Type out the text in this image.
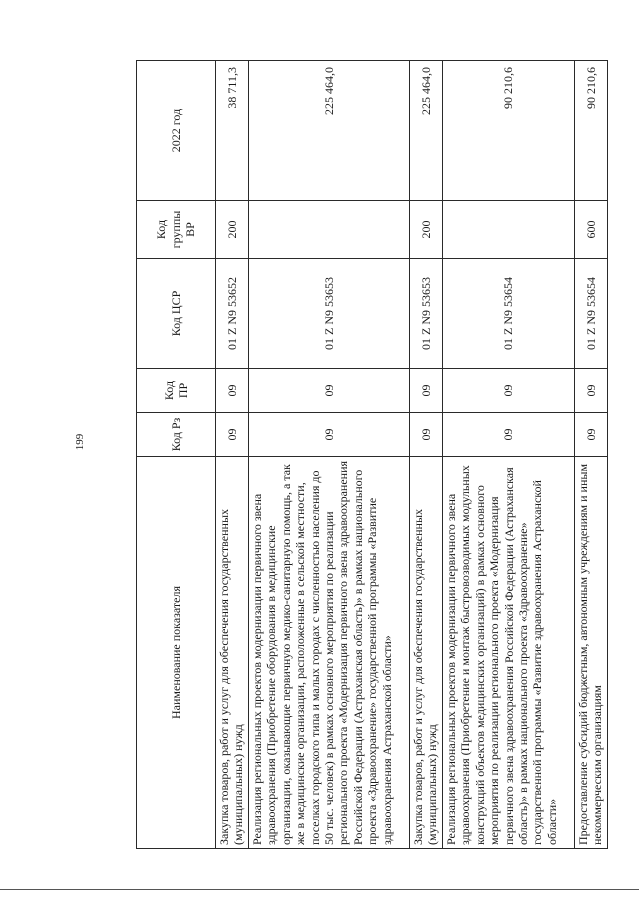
199
Наименование показателя	Код Рз	Код ПР	Код ЦСР	Код группы ВР	2022 год
Закупка товаров, работ и услуг для обеспечения государственных (муниципальных) нужд	09	09	01 Z N9 53652	200	38 711,3
Реализация региональных проектов модернизации первичного звена здравоохранения (Приобретение оборудования в медицинские организации, оказывающие первичную медико-санитарную помощь, а так же в медицинские организации, расположенные в сельской местности, поселках городского типа и малых городах с численностью населения до 50 тыс. человек) в рамках основного мероприятия по реализации регионального проекта «Модернизация первичного звена здравоохранения Российской Федерации (Астраханская область)» в рамках национального проекта «Здравоохранение» государственной программы «Развитие здравоохранения Астраханской области»	09	09	01 Z N9 53653		225 464,0
Закупка товаров, работ и услуг для обеспечения государственных (муниципальных) нужд	09	09	01 Z N9 53653	200	225 464,0
Реализация региональных проектов модернизации первичного звена здравоохранения (Приобретение и монтаж быстровозводимых модульных конструкций объектов медицинских организаций) в рамках основного мероприятия по реализации регионального проекта «Модернизация первичного звена здравоохранения Российской Федерации (Астраханская область)» в рамках национального проекта «Здравоохранение» государственной программы «Развитие здравоохранения Астраханской области»	09	09	01 Z N9 53654		90 210,6
Предоставление субсидий бюджетным, автономным учреждениям и иным некоммерческим организациям	09	09	01 Z N9 53654	600	90 210,6
